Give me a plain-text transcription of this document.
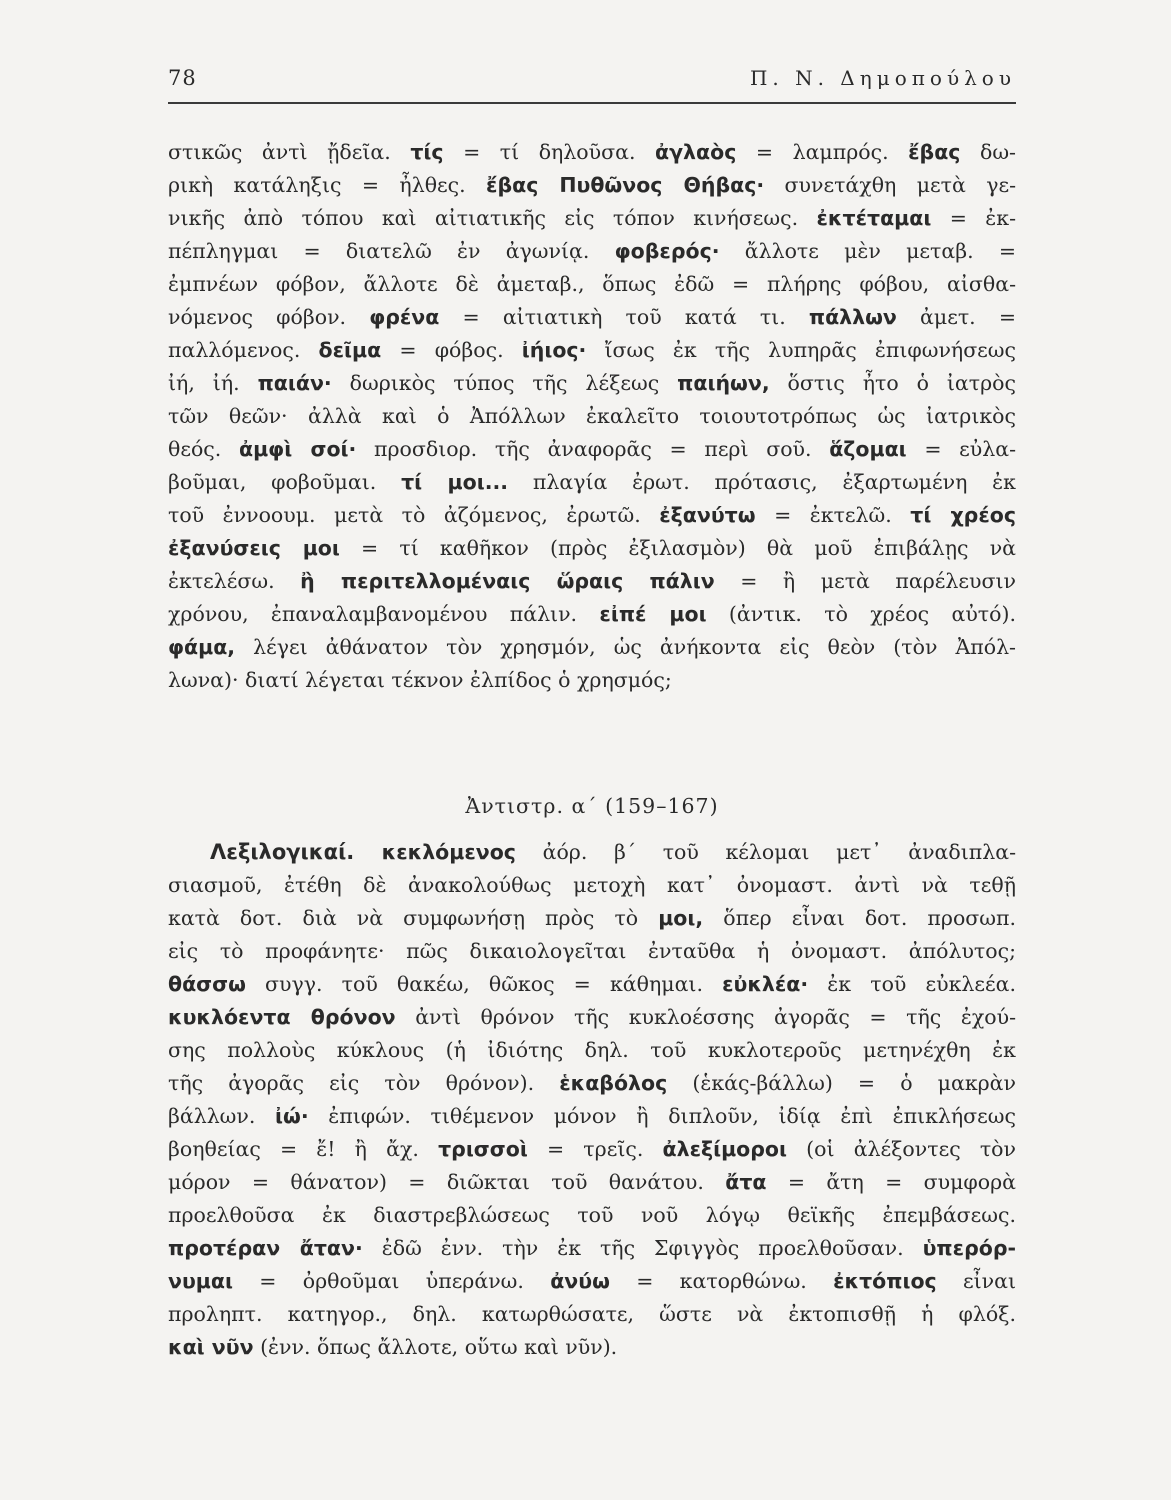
78	Π. Ν. Δημοπούλου
στικῶς ἀντὶ ᾔδεῖα. τίς = τί δηλοῦσα. ἀγλαὸς = λαμπρός. ἔβας δω-
ρικὴ κατάληξις = ἦλθες. ἔβας Πυθῶνος Θήβας· συνετάχθη μετὰ γε-
νικῆς ἀπὸ τόπου καὶ αἰτιατικῆς εἰς τόπον κινήσεως. ἐκτέταμαι = ἐκ-
πέπληγμαι = διατελῶ ἐν ἀγωνίᾳ. φοβερός· ἄλλοτε μὲν μεταβ. =
ἐμπνέων φόβον, ἄλλοτε δὲ ἀμεταβ., ὅπως ἐδῶ = πλήρης φόβου, αἰσθα-
νόμενος φόβον. φρένα = αἰτιατικὴ τοῦ κατά τι. πάλλων ἀμετ. =
παλλόμενος. δεῖμα = φόβος. ἰήιος· ἴσως ἐκ τῆς λυπηρᾶς ἐπιφωνήσεως
ἰή, ἰή. παιάν· δωρικὸς τύπος τῆς λέξεως παιήων, ὅστις ἦτο ὁ ἰατρὸς
τῶν θεῶν· ἀλλὰ καὶ ὁ Ἀπόλλων ἐκαλεῖτο τοιουτοτρόπως ὡς ἰατρικὸς
θεός. ἀμφὶ σοί· προσδιορ. τῆς ἀναφορᾶς = περὶ σοῦ. ἅζομαι = εὐλα-
βοῦμαι, φοβοῦμαι. τί μοι... πλαγία ἐρωτ. πρότασις, ἐξαρτωμένη ἐκ
τοῦ ἐννοουμ. μετὰ τὸ ἀζόμενος, ἐρωτῶ. ἐξανύτω = ἐκτελῶ. τί χρέος
ἐξανύσεις μοι = τί καθῆκον (πρὸς ἐξιλασμὸν) θὰ μοῦ ἐπιβάλῃς νὰ
ἐκτελέσω. ἢ περιτελλομέναις ὥραις πάλιν = ἢ μετὰ παρέλευσιν
χρόνου, ἐπαναλαμβανομένου πάλιν. εἰπέ μοι (ἀντικ. τὸ χρέος αὐτό).
φάμα, λέγει ἀθάνατον τὸν χρησμόν, ὡς ἀνήκοντα εἰς θεὸν (τὸν Ἀπόλ-
λωνα)· διατί λέγεται τέκνον ἐλπίδος ὁ χρησμός;
Ἀντιστρ. α΄ (159–167)
Λεξιλογικαί. κεκλόμενος ἀόρ. β΄ τοῦ κέλομαι μετ᾽ ἀναδιπλα-
σιασμοῦ, ἐτέθη δὲ ἀνακολούθως μετοχὴ κατ᾽ ὀνομαστ. ἀντὶ νὰ τεθῇ
κατὰ δοτ. διὰ νὰ συμφωνήσῃ πρὸς τὸ μοι, ὅπερ εἶναι δοτ. προσωπ.
εἰς τὸ προφάνητε· πῶς δικαιολογεῖται ἐνταῦθα ἡ ὀνομαστ. ἀπόλυτος;
θάσσω συγγ. τοῦ θακέω, θῶκος = κάθημαι. εὐκλέα· ἐκ τοῦ εὐκλεέα.
κυκλόεντα θρόνον ἀντὶ θρόνον τῆς κυκλοέσσης ἀγορᾶς = τῆς ἐχού-
σης πολλοὺς κύκλους (ἡ ἰδιότης δηλ. τοῦ κυκλοτεροῦς μετηνέχθη ἐκ
τῆς ἀγορᾶς εἰς τὸν θρόνον). ἑκαβόλος (ἑκάς-βάλλω) = ὁ μακρὰν
βάλλων. ἰώ· ἐπιφών. τιθέμενον μόνον ἢ διπλοῦν, ἰδίᾳ ἐπὶ ἐπικλήσεως
βοηθείας = ἔ! ἢ ἄχ. τρισσοὶ = τρεῖς. ἀλεξίμοροι (οἱ ἀλέξοντες τὸν
μόρον = θάνατον) = διῶκται τοῦ θανάτου. ἄτα = ἄτη = συμφορὰ
προελθοῦσα ἐκ διαστρεβλώσεως τοῦ νοῦ λόγῳ θεϊκῆς ἐπεμβάσεως.
προτέραν ἄταν· ἐδῶ ἐνν. τὴν ἐκ τῆς Σφιγγὸς προελθοῦσαν. ὑπερόρ-
νυμαι = ὀρθοῦμαι ὑπεράνω. ἀνύω = κατορθώνω. ἐκτόπιος εἶναι
προληπτ. κατηγορ., δηλ. κατωρθώσατε, ὥστε νὰ ἐκτοπισθῇ ἡ φλόξ.
καὶ νῦν (ἐνν. ὅπως ἄλλοτε, οὕτω καὶ νῦν).
